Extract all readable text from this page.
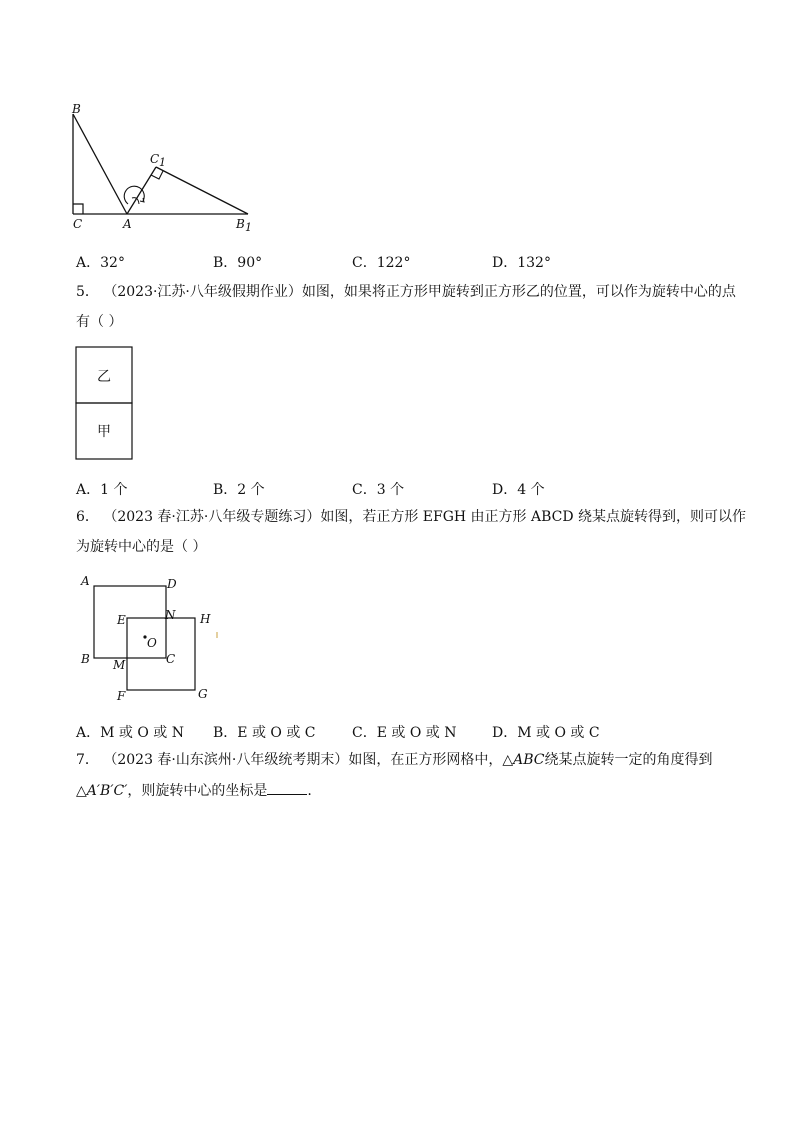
B
C 1
C	A	B 1
A．32°	B．90°	C．122°	D．132°
5． （2023·江苏·八年级假期作业）如图，如果将正方形甲旋转到正方形乙的位置，可以作为旋转中心的点
有（ ）
乙
甲
A．1 个	B．2 个	C．3 个	D．4 个
6． （2023 春·江苏·八年级专题练习）如图，若正方形 EFGH 由正方形 ABCD 绕某点旋转得到，则可以作
为旋转中心的是（ ）
A	D
E	N H
O
B M	C
F	G
A．M 或 O 或 N B．E 或 O 或 C	C．E 或 O 或 N	D．M 或 O 或 C
7． （2023 春·山东滨州·八年级统考期末）如图，在正方形网格中，△ABC绕某点旋转一定的角度得到
△A′B′C′，则旋转中心的坐标是	.
